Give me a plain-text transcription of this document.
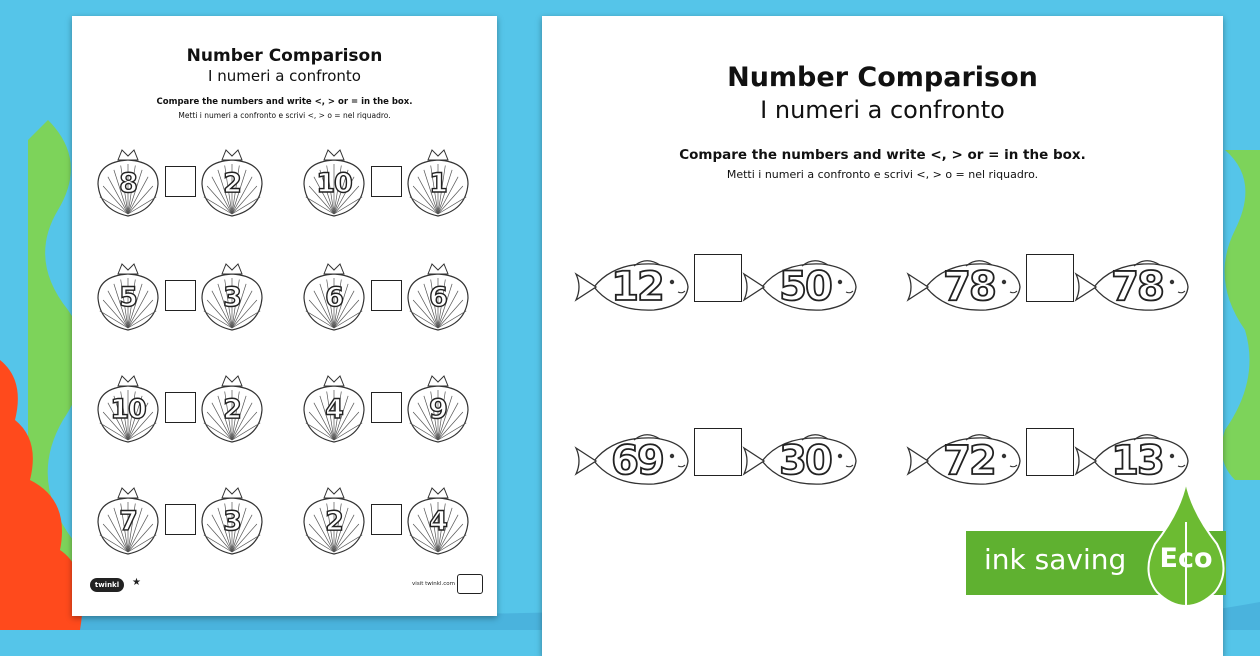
Number Comparison
I numeri a confronto
Compare the numbers and write <, > or = in the box.
Metti i numeri a confronto e scrivi <, > o = nel riquadro.
8	2	10	1
5	3	6	6
10	2	4	9
7	3	2	4
twinkl	★	visit twinkl.com
Number Comparison
I numeri a confronto
Compare the numbers and write <, > or = in the box.
Metti i numeri a confronto e scrivi <, > o = nel riquadro.
12	50	78	78
69	30	72	13
ink saving	Eco
